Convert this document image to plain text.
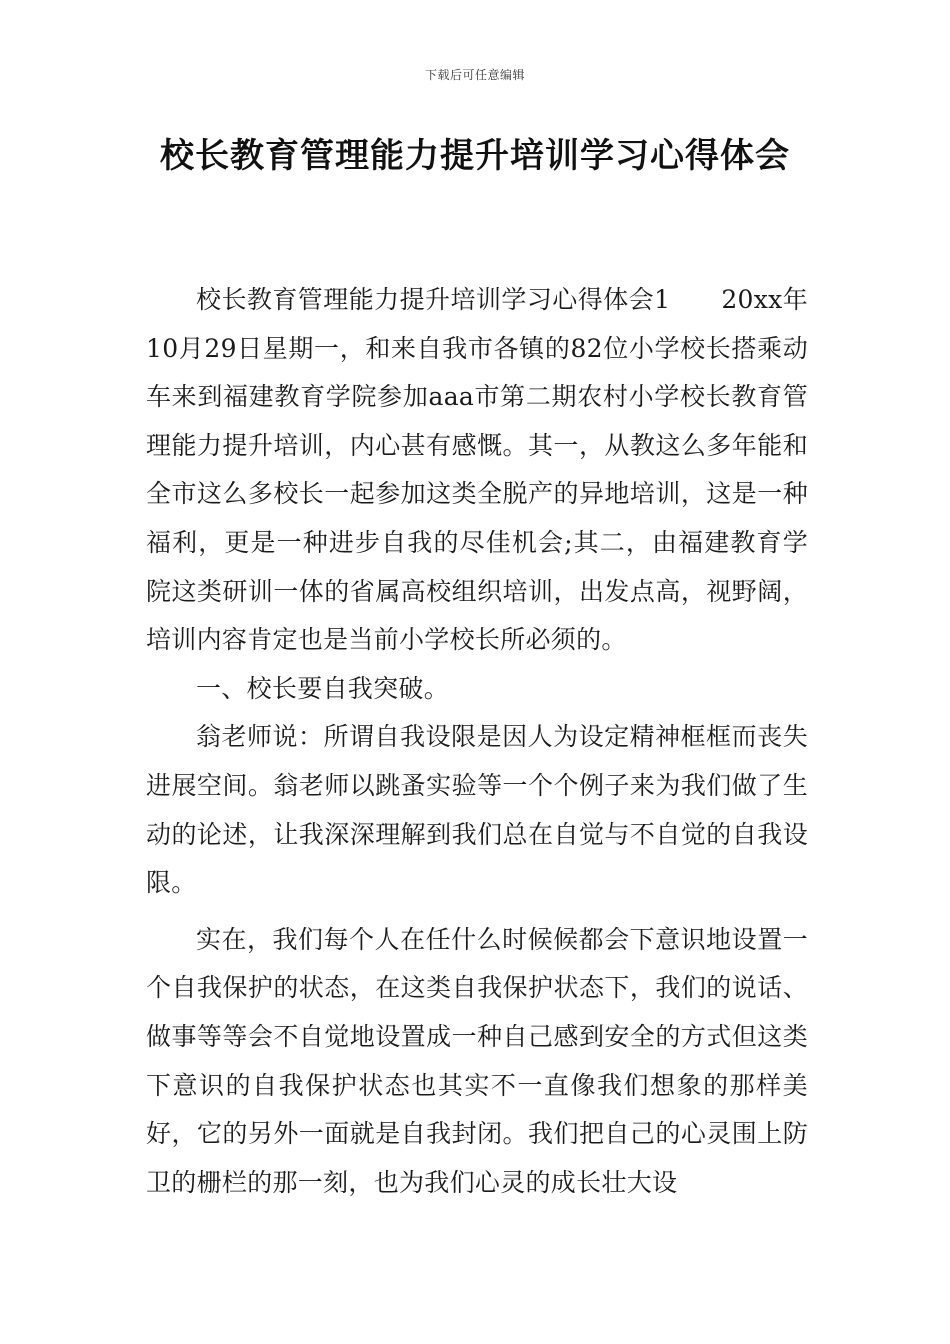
下载后可任意编辑
校长教育管理能力提升培训学习心得体会

校长教育管理能力提升培训学习心得体会1　　20xx年10月29日星期一，和来自我市各镇的82位小学校长搭乘动车来到福建教育学院参加aaa市第二期农村小学校长教育管理能力提升培训，内心甚有感慨。其一，从教这么多年能和全市这么多校长一起参加这类全脱产的异地培训，这是一种福利，更是一种进步自我的尽佳机会;其二，由福建教育学院这类研训一体的省属高校组织培训，出发点高，视野阔，培训内容肯定也是当前小学校长所必须的。

一、校长要自我突破。

翁老师说：所谓自我设限是因人为设定精神框框而丧失进展空间。翁老师以跳蚤实验等一个个例子来为我们做了生动的论述，让我深深理解到我们总在自觉与不自觉的自我设限。

实在，我们每个人在任什么时候候都会下意识地设置一个自我保护的状态，在这类自我保护状态下，我们的说话、做事等等会不自觉地设置成一种自己感到安全的方式但这类下意识的自我保护状态也其实不一直像我们想象的那样美好，它的另外一面就是自我封闭。我们把自己的心灵围上防卫的栅栏的那一刻，也为我们心灵的成长壮大设
